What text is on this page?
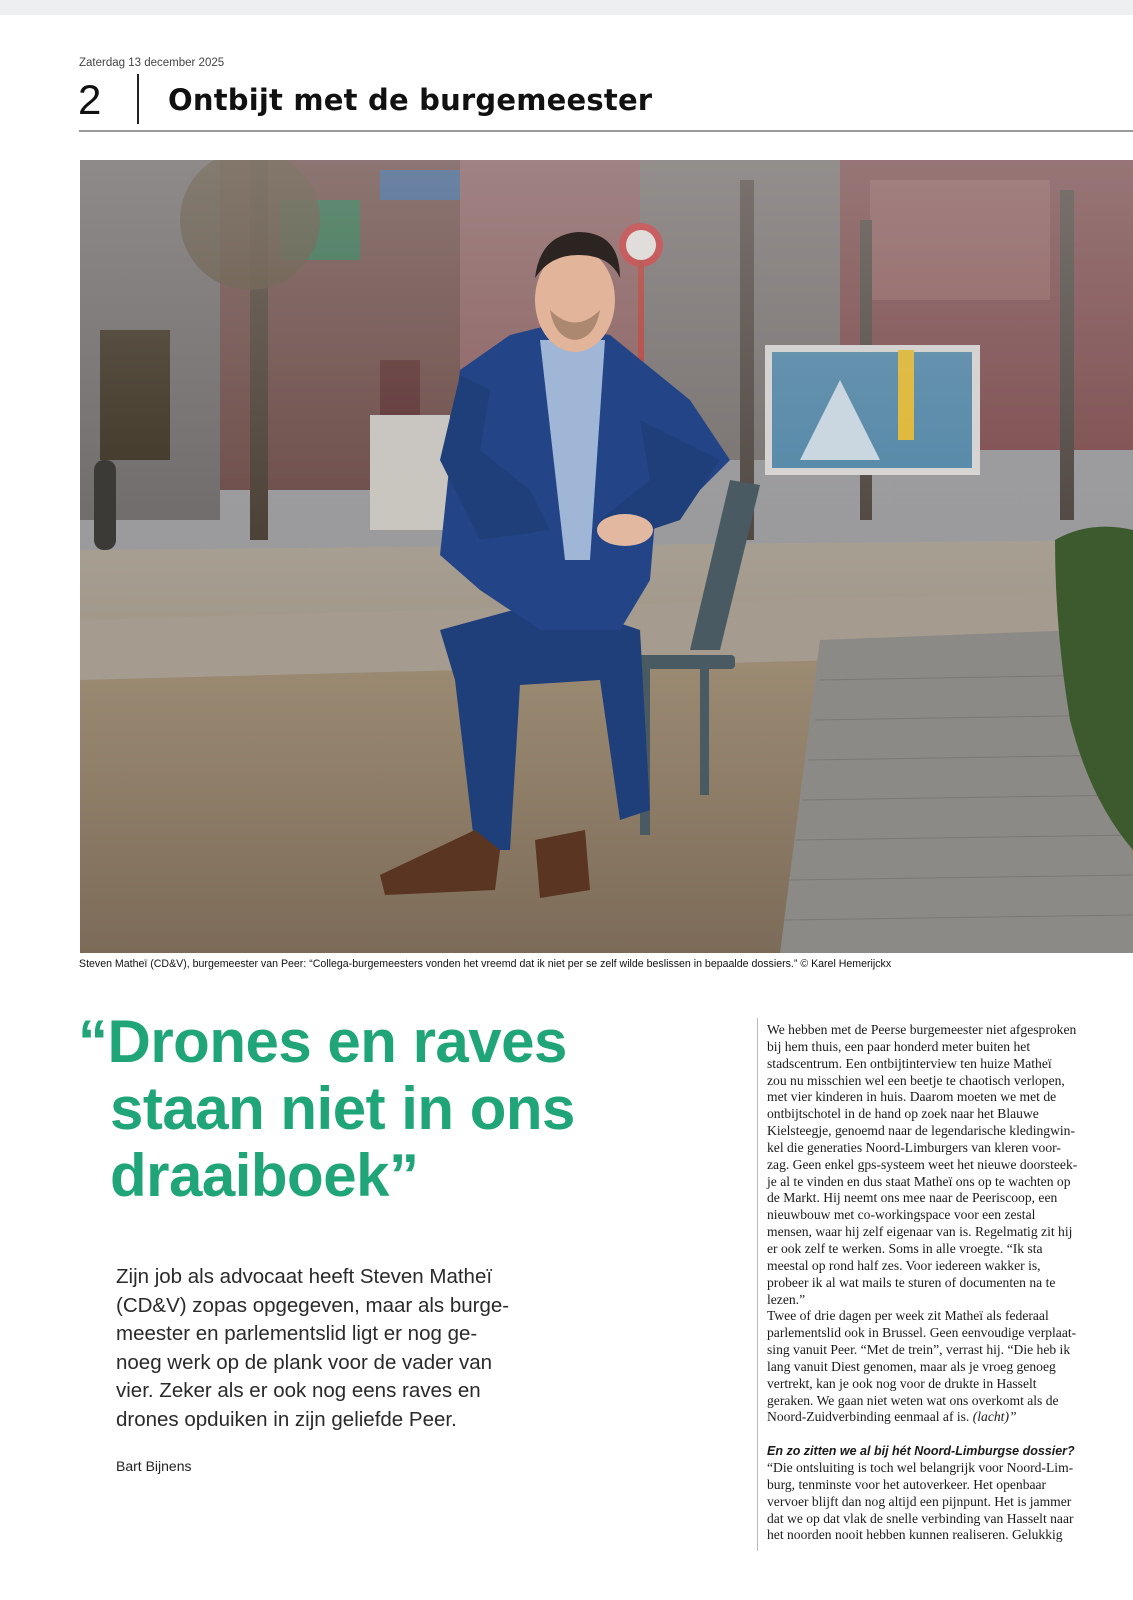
Zaterdag 13 december 2025
2 Ontbijt met de burgemeester
Steven Matheï (CD&V), burgemeester van Peer: “Collega-burgemeesters vonden het vreemd dat ik niet per se zelf wilde beslissen in bepaalde dossiers.” © Karel Hemerijckx
“Drones en raves
staan niet in ons
draaiboek”
Zijn job als advocaat heeft Steven Matheï
(CD&V) zopas opgegeven, maar als burge-
meester en parlementslid ligt er nog ge-
noeg werk op de plank voor de vader van
vier. Zeker als er ook nog eens raves en
drones opduiken in zijn geliefde Peer.
Bart Bijnens
We hebben met de Peerse burgemeester niet afgesproken
bij hem thuis, een paar honderd meter buiten het
stadscentrum. Een ontbijtinterview ten huize Matheï
zou nu misschien wel een beetje te chaotisch verlopen,
met vier kinderen in huis. Daarom moeten we met de
ontbijtschotel in de hand op zoek naar het Blauwe
Kielsteegje, genoemd naar de legendarische kledingwin-
kel die generaties Noord-Limburgers van kleren voor-
zag. Geen enkel gps-systeem weet het nieuwe doorsteek-
je al te vinden en dus staat Matheï ons op te wachten op
de Markt. Hij neemt ons mee naar de Peeriscoop, een
nieuwbouw met co-workingspace voor een zestal
mensen, waar hij zelf eigenaar van is. Regelmatig zit hij
er ook zelf te werken. Soms in alle vroegte. “Ik sta
meestal op rond half zes. Voor iedereen wakker is,
probeer ik al wat mails te sturen of documenten na te
lezen.”
Twee of drie dagen per week zit Matheï als federaal
parlementslid ook in Brussel. Geen eenvoudige verplaat-
sing vanuit Peer. “Met de trein”, verrast hij. “Die heb ik
lang vanuit Diest genomen, maar als je vroeg genoeg
vertrekt, kan je ook nog voor de drukte in Hasselt
geraken. We gaan niet weten wat ons overkomt als de
Noord-Zuidverbinding eenmaal af is. (lacht)”
En zo zitten we al bij hét Noord-Limburgse dossier?
“Die ontsluiting is toch wel belangrijk voor Noord-Lim-
burg, tenminste voor het autoverkeer. Het openbaar
vervoer blijft dan nog altijd een pijnpunt. Het is jammer
dat we op dat vlak de snelle verbinding van Hasselt naar
het noorden nooit hebben kunnen realiseren. Gelukkig
